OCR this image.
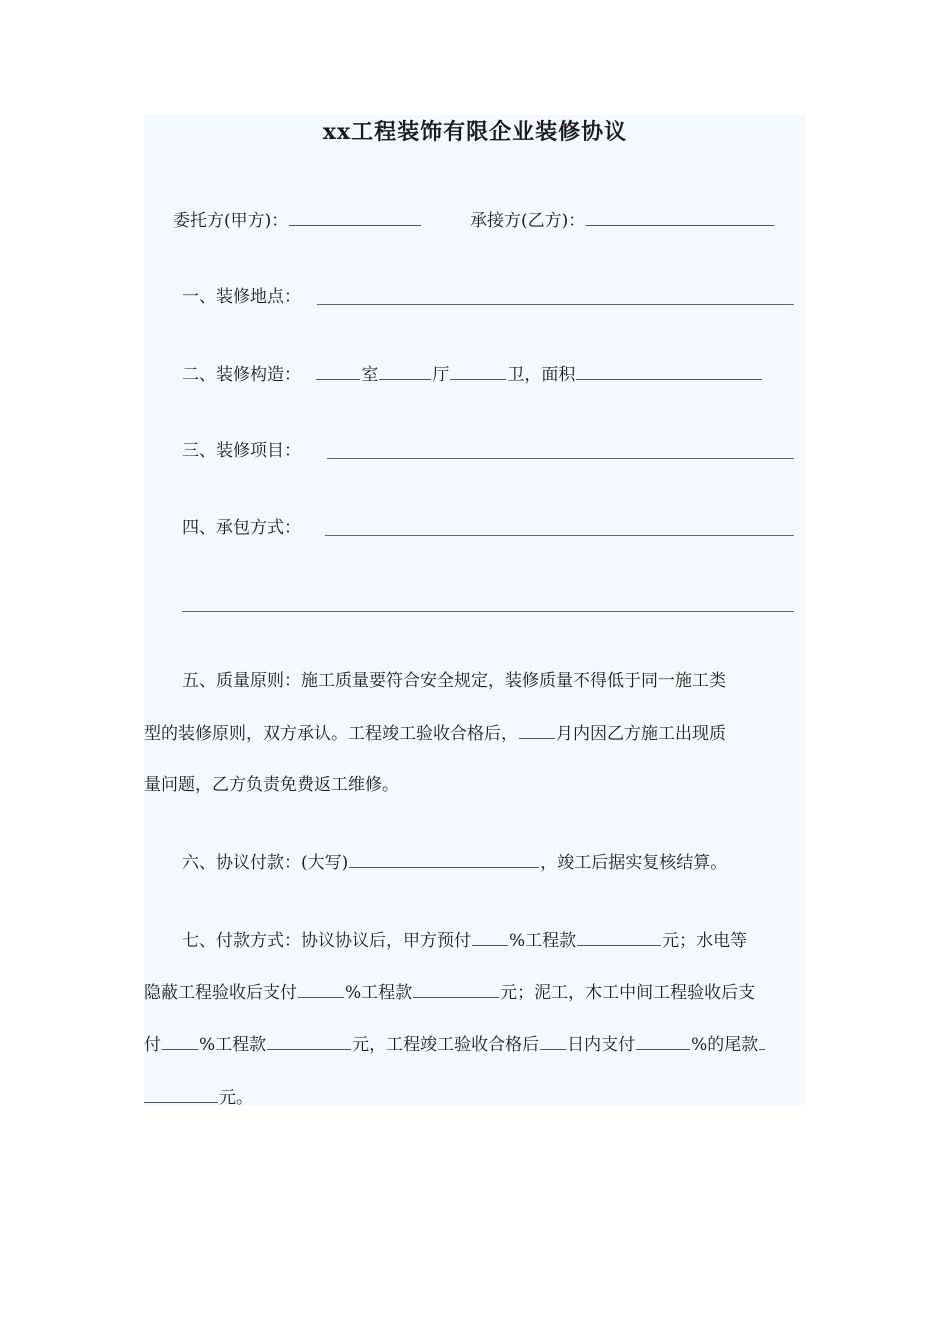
xx工程装饰有限企业装修协议
委托方(甲方)：	承接方(乙方)：
一、装修地点：
二、装修构造：	室	厅	卫，面积
三、装修项目：
四、承包方式：
五、质量原则：施工质量要符合安全规定，装修质量不得低于同一施工类
型的装修原则，双方承认。工程竣工验收合格后， 月内因乙方施工出现质
量问题，乙方负责免费返工维修。
六、协议付款：(大写)	，竣工后据实复核结算。
七、付款方式：协议协议后，甲方预付 %工程款	元；水电等
隐蔽工程验收后支付	%工程款	元；泥工，木工中间工程验收后支
付 %工程款	元，工程竣工验收合格后 日内支付	%的尾款
元。
